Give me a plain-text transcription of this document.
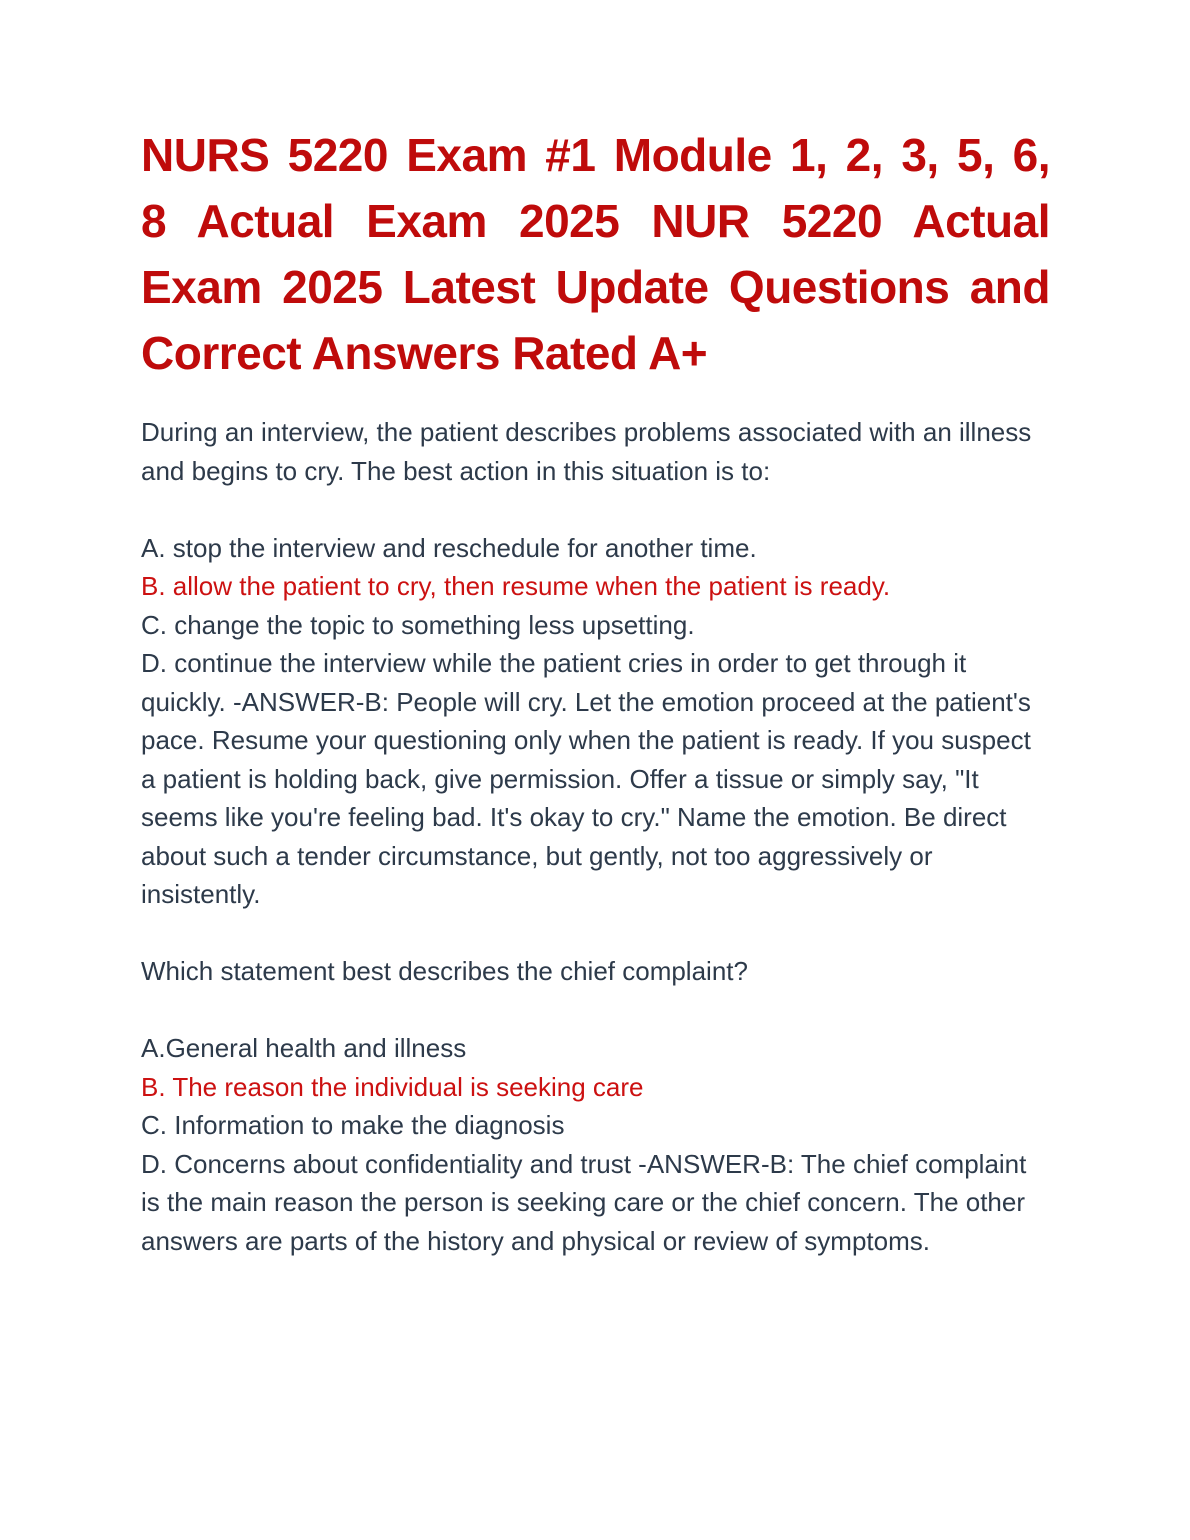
NURS 5220 Exam #1 Module 1, 2, 3, 5, 6,
8 Actual Exam 2025 NUR 5220 Actual
Exam 2025 Latest Update Questions and
Correct Answers Rated A+

During an interview, the patient describes problems associated with an illness and begins to cry. The best action in this situation is to:

A. stop the interview and reschedule for another time.

B. allow the patient to cry, then resume when the patient is ready.

C. change the topic to something less upsetting.

D. continue the interview while the patient cries in order to get through it quickly. -ANSWER-B: People will cry. Let the emotion proceed at the patient's pace. Resume your questioning only when the patient is ready. If you suspect a patient is holding back, give permission. Offer a tissue or simply say, "It seems like you're feeling bad. It's okay to cry." Name the emotion. Be direct about such a tender circumstance, but gently, not too aggressively or insistently.

Which statement best describes the chief complaint?

A.General health and illness

B. The reason the individual is seeking care

C. Information to make the diagnosis

D. Concerns about confidentiality and trust -ANSWER-B: The chief complaint is the main reason the person is seeking care or the chief concern. The other answers are parts of the history and physical or review of symptoms.
